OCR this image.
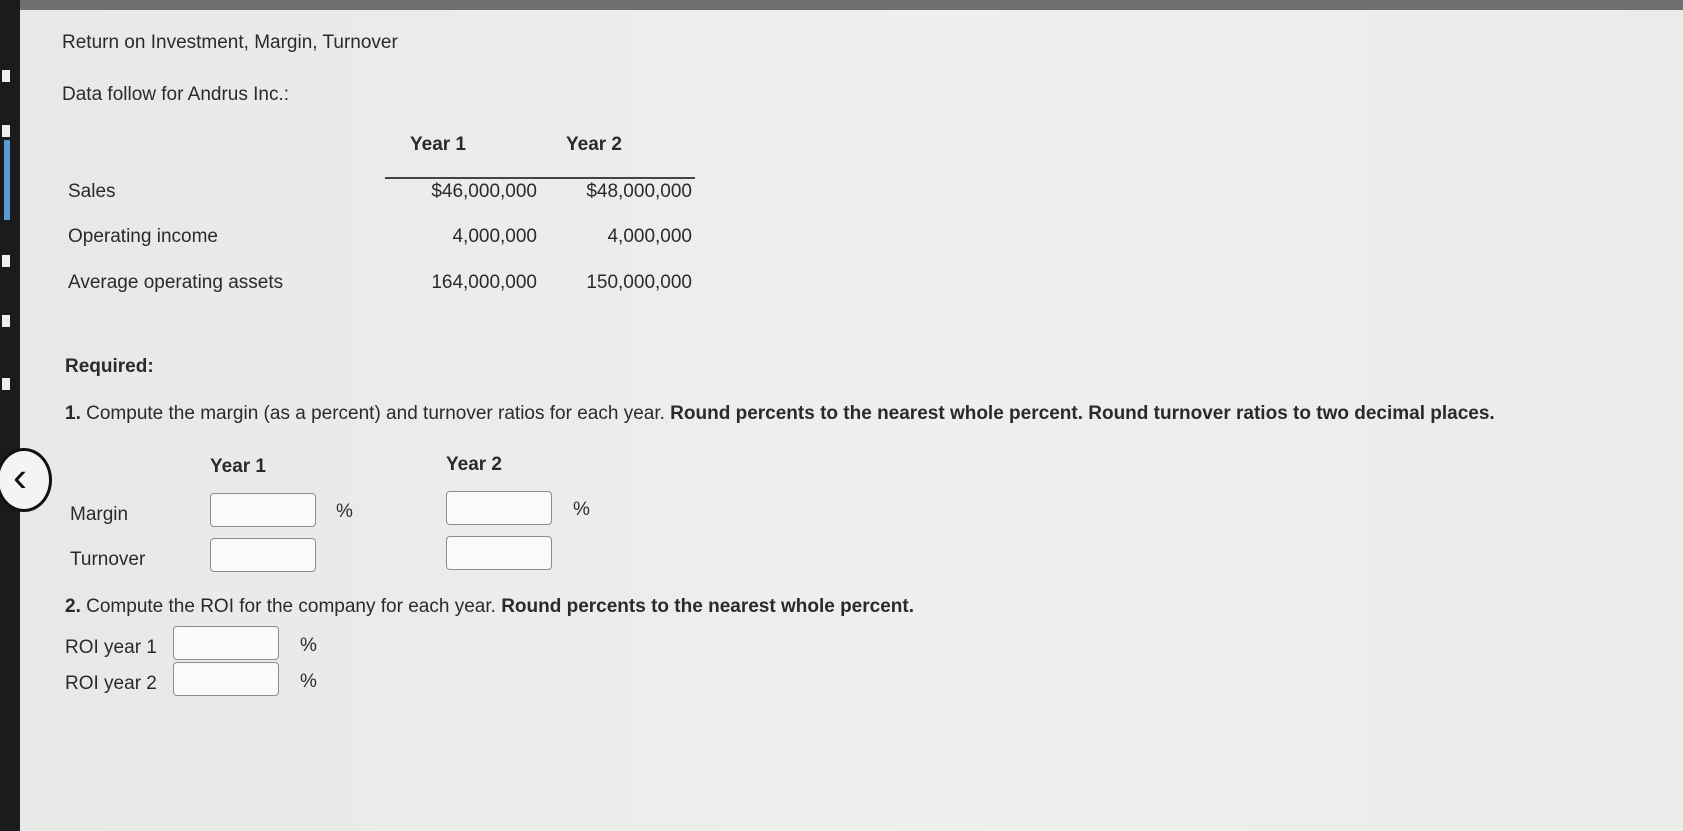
Return on Investment, Margin, Turnover
Data follow for Andrus Inc.:
Year 1	Year 2
Sales	$46,000,000	$48,000,000
Operating income	4,000,000	4,000,000
Average operating assets	164,000,000	150,000,000
Required:
1. Compute the margin (as a percent) and turnover ratios for each year. Round percents to the nearest whole percent. Round turnover ratios to two decimal places.
Year 1	Year 2
Margin	%	%
Turnover
2. Compute the ROI for the company for each year. Round percents to the nearest whole percent.
ROI year 1	%
ROI year 2	%
‹
